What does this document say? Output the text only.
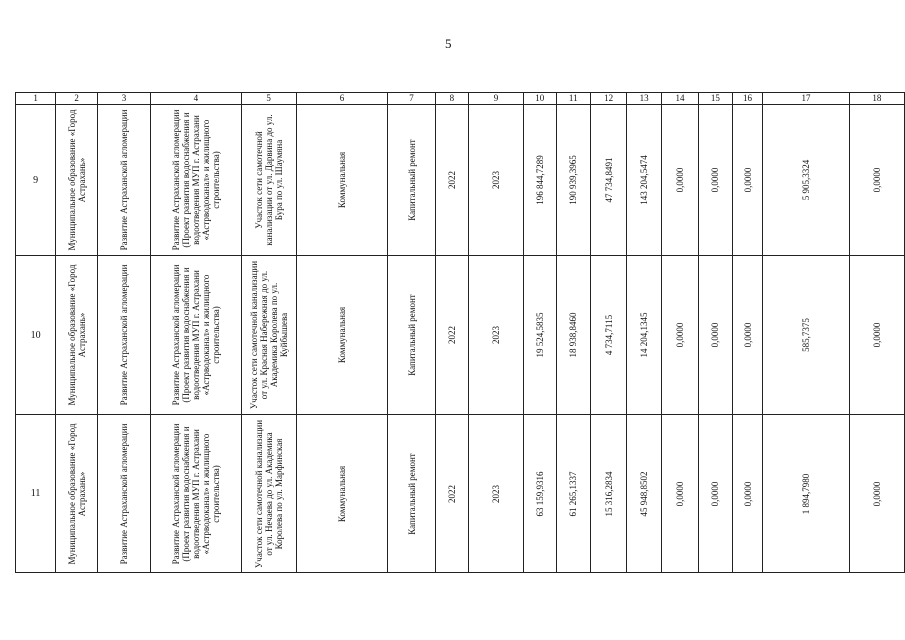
5
1	2	3	4	5	6	7	8	9	10	11	12	13	14	15	16	17	18
9	Муниципальное образование «Город Астрахань»	Развитие Астраханской агломерации	Развитие Астраханской агломерации (Проект развития водоснабжения и водоотведения МУП г. Астрахани «Астрводоканал» и жилищного строительства)	Участок сети самотечной канализации от ул. Дарвина до ул. Бура по ул. Шаумяна	Коммунальная	Капитальный ремонт	2022	2023	196 844,7289	190 939,3965	47 734,8491	143 204,5474	0,0000	0,0000	0,0000	5 905,3324	0,0000

10	Муниципальное образование «Город Астрахань»	Развитие Астраханской агломерации	Развитие Астраханской агломерации (Проект развития водоснабжения и водоотведения МУП г. Астрахани «Астрводоканал» и жилищного строительства)	Участок сети самотечной канализации от ул. Красная Набережная до ул. Академика Королева по ул. Куйбышева	Коммунальная	Капитальный ремонт	2022	2023	19 524,5835	18 938,8460	4 734,7115	14 204,1345	0,0000	0,0000	0,0000	585,7375	0,0000

11	Муниципальное образование «Город Астрахань»	Развитие Астраханской агломерации	Развитие Астраханской агломерации (Проект развития водоснабжения и водоотведения МУП г. Астрахани «Астрводоканал» и жилищного строительства)	Участок сети самотечной канализации от ул. Нечаева до ул. Академика Королева по ул. Марфинская	Коммунальная	Капитальный ремонт	2022	2023	63 159,9316	61 265,1337	15 316,2834	45 948,8502	0,0000	0,0000	0,0000	1 894,7980	0,0000
